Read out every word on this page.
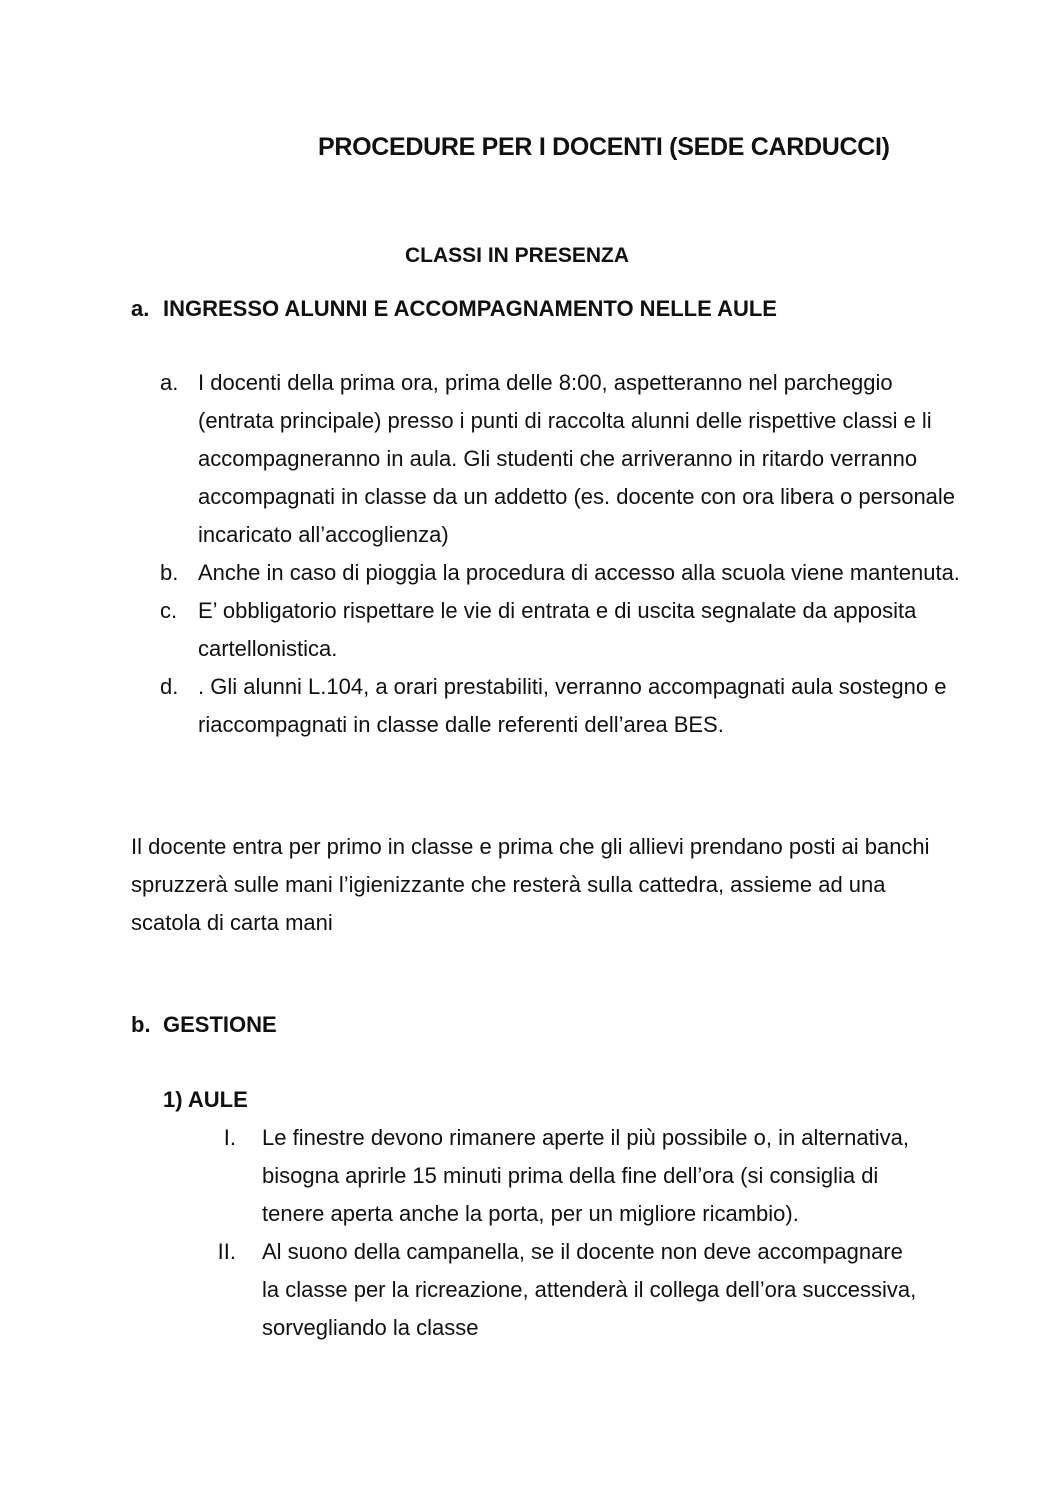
PROCEDURE PER I DOCENTI (SEDE CARDUCCI)
CLASSI IN PRESENZA
a. INGRESSO ALUNNI E ACCOMPAGNAMENTO NELLE AULE
a. I docenti della prima ora, prima delle 8:00, aspetteranno nel parcheggio (entrata principale) presso i punti di raccolta alunni delle rispettive classi e li accompagneranno in aula. Gli studenti che arriveranno in ritardo verranno accompagnati in classe da un addetto (es. docente con ora libera o personale incaricato all’accoglienza)
b. Anche in caso di pioggia la procedura di accesso alla scuola viene mantenuta.
c. E’ obbligatorio rispettare le vie di entrata e di uscita segnalate da apposita cartellonistica.
d. . Gli alunni L.104, a orari prestabiliti, verranno accompagnati aula sostegno e riaccompagnati in classe dalle referenti dell’area BES.

Il docente entra per primo in classe e prima che gli allievi prendano posti ai banchi spruzzerà sulle mani l’igienizzante che resterà sulla cattedra, assieme ad una scatola di carta mani

b. GESTIONE
1) AULE
I. Le finestre devono rimanere aperte il più possibile o, in alternativa, bisogna aprirle 15 minuti prima della fine dell’ora (si consiglia di tenere aperta anche la porta, per un migliore ricambio).
II. Al suono della campanella, se il docente non deve accompagnare la classe per la ricreazione, attenderà il collega dell’ora successiva, sorvegliando la classe
